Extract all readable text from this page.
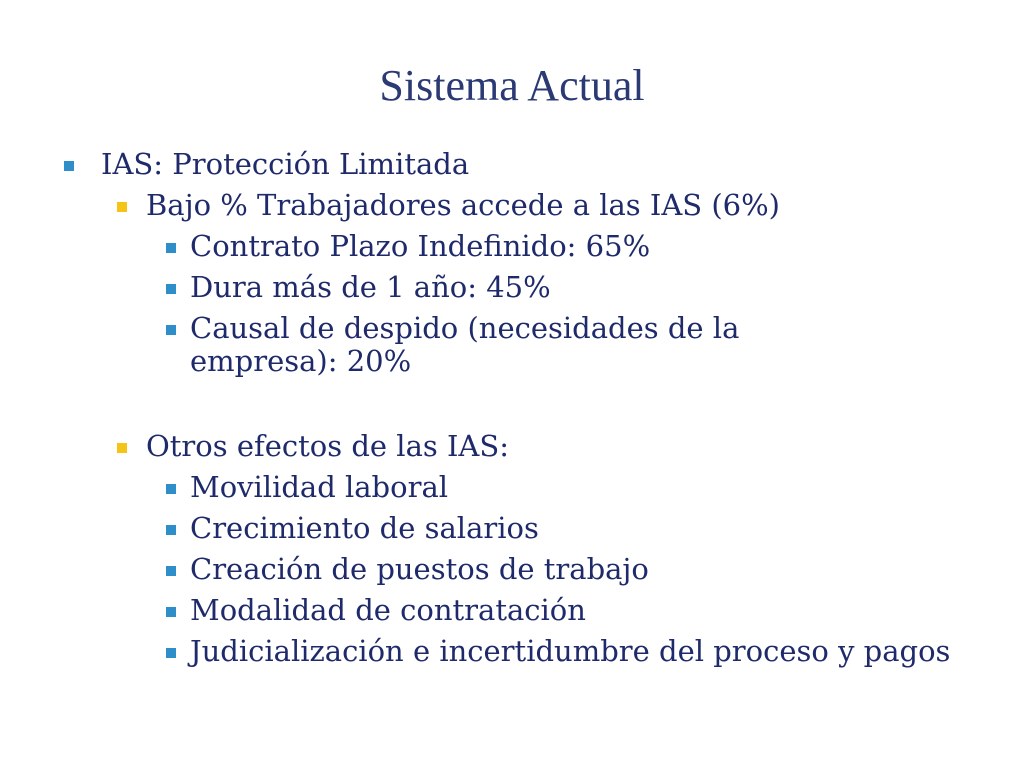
Sistema Actual
IAS: Protección Limitada
Bajo % Trabajadores accede a las IAS (6%)
Contrato Plazo Indefinido: 65%
Dura más de 1 año: 45%
Causal de despido (necesidades de la empresa): 20%
Otros efectos de las IAS:
Movilidad laboral
Crecimiento de salarios
Creación de puestos de trabajo
Modalidad de contratación
Judicialización e incertidumbre del proceso y pagos
